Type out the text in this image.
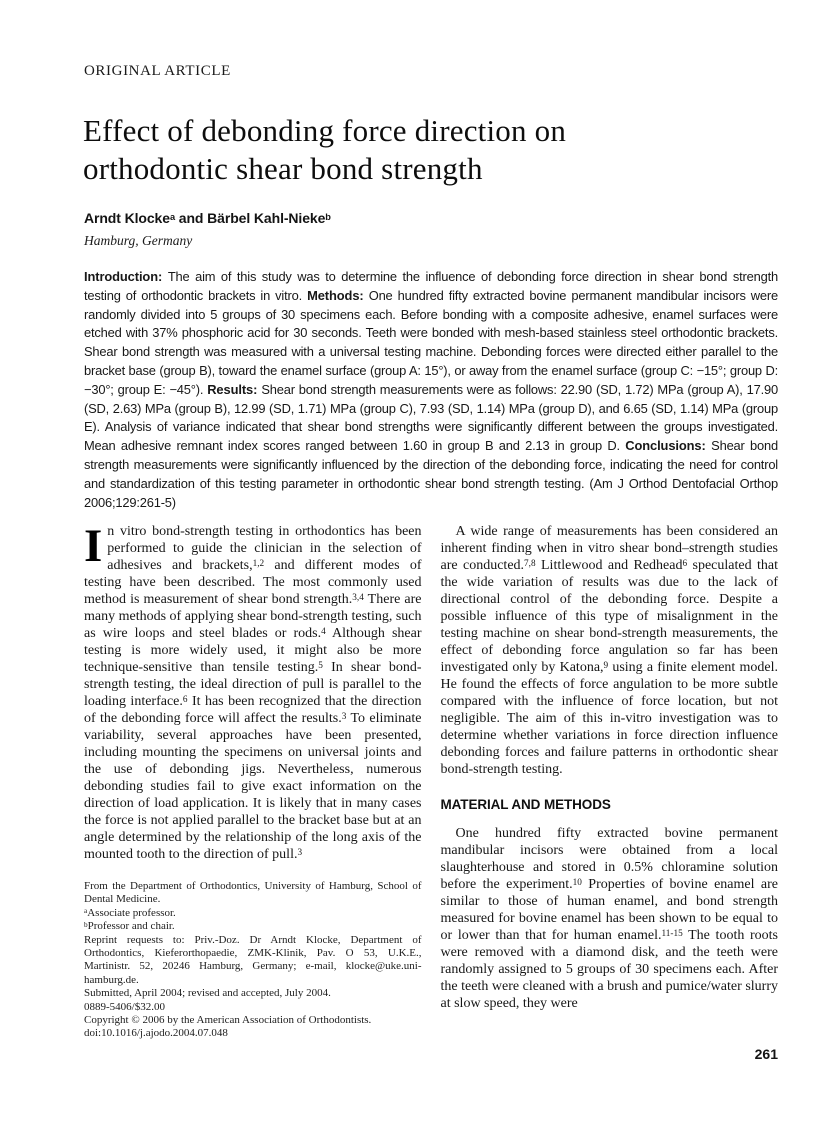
ORIGINAL ARTICLE
Effect of debonding force direction on
orthodontic shear bond strength
Arndt Klocke$^a$ and Bärbel Kahl-Nieke$^b$
Hamburg, Germany
Introduction: The aim of this study was to determine the influence of debonding force direction in shear bond strength testing of orthodontic brackets in vitro. Methods: One hundred fifty extracted bovine permanent mandibular incisors were randomly divided into 5 groups of 30 specimens each. Before bonding with a composite adhesive, enamel surfaces were etched with 37% phosphoric acid for 30 seconds. Teeth were bonded with mesh-based stainless steel orthodontic brackets. Shear bond strength was measured with a universal testing machine. Debonding forces were directed either parallel to the bracket base (group B), toward the enamel surface (group A: 15°), or away from the enamel surface (group C: −15°; group D: −30°; group E: −45°). Results: Shear bond strength measurements were as follows: 22.90 (SD, 1.72) MPa (group A), 17.90 (SD, 2.63) MPa (group B), 12.99 (SD, 1.71) MPa (group C), 7.93 (SD, 1.14) MPa (group D), and 6.65 (SD, 1.14) MPa (group E). Analysis of variance indicated that shear bond strengths were significantly different between the groups investigated. Mean adhesive remnant index scores ranged between 1.60 in group B and 2.13 in group D. Conclusions: Shear bond strength measurements were significantly influenced by the direction of the debonding force, indicating the need for control and standardization of this testing parameter in orthodontic shear bond strength testing. (Am J Orthod Dentofacial Orthop 2006;129:261-5)

In vitro bond-strength testing in orthodontics has been performed to guide the clinician in the selection of adhesives and brackets,$^{1,2}$ and different modes of testing have been described. The most commonly used method is measurement of shear bond strength.$^{3,4}$ There are many methods of applying shear bond-strength testing, such as wire loops and steel blades or rods.$^4$ Although shear testing is more widely used, it might also be more technique-sensitive than tensile testing.$^5$ In shear bond-strength testing, the ideal direction of pull is parallel to the loading interface.$^6$ It has been recognized that the direction of the debonding force will affect the results.$^3$ To eliminate variability, several approaches have been presented, including mounting the specimens on universal joints and the use of debonding jigs. Nevertheless, numerous debonding studies fail to give exact information on the direction of load application. It is likely that in many cases the force is not applied parallel to the bracket base but at an angle determined by the relationship of the long axis of the mounted tooth to the direction of pull.$^3$

From the Department of Orthodontics, University of Hamburg, School of Dental Medicine.
$^a$Associate professor.
$^b$Professor and chair.
Reprint requests to: Priv.-Doz. Dr Arndt Klocke, Department of Orthodontics, Kieferorthopaedie, ZMK-Klinik, Pav. O 53, U.K.E., Martinistr. 52, 20246 Hamburg, Germany; e-mail, klocke@uke.uni-hamburg.de.
Submitted, April 2004; revised and accepted, July 2004.
0889-5406/$32.00
Copyright © 2006 by the American Association of Orthodontists.
doi:10.1016/j.ajodo.2004.07.048

A wide range of measurements has been considered an inherent finding when in vitro shear bond–strength studies are conducted.$^{7,8}$ Littlewood and Redhead$^6$ speculated that the wide variation of results was due to the lack of directional control of the debonding force. Despite a possible influence of this type of misalignment in the testing machine on shear bond-strength measurements, the effect of debonding force angulation so far has been investigated only by Katona,$^9$ using a finite element model. He found the effects of force angulation to be more subtle compared with the influence of force location, but not negligible. The aim of this in-vitro investigation was to determine whether variations in force direction influence debonding forces and failure patterns in orthodontic shear bond-strength testing.

MATERIAL AND METHODS

One hundred fifty extracted bovine permanent mandibular incisors were obtained from a local slaughterhouse and stored in 0.5% chloramine solution before the experiment.$^{10}$ Properties of bovine enamel are similar to those of human enamel, and bond strength measured for bovine enamel has been shown to be equal to or lower than that for human enamel.$^{11-15}$ The tooth roots were removed with a diamond disk, and the teeth were randomly assigned to 5 groups of 30 specimens each. After the teeth were cleaned with a brush and pumice/water slurry at slow speed, they were

261
